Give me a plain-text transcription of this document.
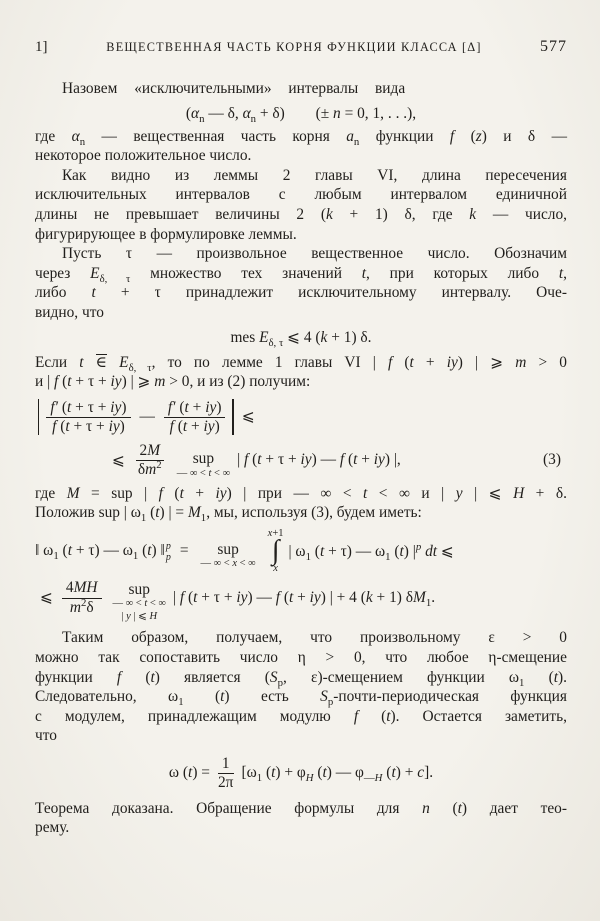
1]	ВЕЩЕСТВЕННАЯ ЧАСТЬ КОРНЯ ФУНКЦИИ КЛАССА [Δ]	577
Назовем «исключительными» интервалы вида
($\alpha_n$ — δ, $\alpha_n + \delta$)  (± n = 0, 1, . . .),
где $\alpha_n$ — вещественная часть корня $a_n$ функции f (z) и δ —
некоторое положительное число.
Как видно из леммы 2 главы VI, длина пересечения
исключительных интервалов с любым интервалом единичной
длины не превышает величины 2 (k + 1) δ, где k — число,
фигурирующее в формулировке леммы.
Пусть τ — произвольное вещественное число. Обозначим
через $E_{\delta, \tau}$ множество тех значений t, при которых либо t,
либо t + τ принадлежит исключительному интервалу. Оче-
видно, что
mes $E_{\delta, \tau}$ ⩽ 4 (k + 1) δ.
Если t ∈ $E_{\delta, \tau}$, то по лемме 1 главы VI | f (t + iy) | ⩾ m > 0
и | f (t + τ + iy) | ⩾ m > 0, и из (2) получим:
$\frac{f' (t + \tau + iy)}{f (t + \tau + iy)}$ — $\frac{f' (t + iy)}{f (t + iy)}$ ⩽
⩽ $\frac{2M}{\delta m^2}$ sup
— ∞ < t < ∞
| f (t + τ + iy) — f (t + iy) |,	(3)
где M = sup | f (t + iy) | при — ∞ < t < ∞ и | y | ⩽ H + δ.
Положив sup | $\omega_1$ (t) | = $M_1$, мы, используя (3), будем иметь:
‖ $\omega_1$ (t + τ) — $\omega_1$ (t) ‖ p
p = sup
— ∞ < x < ∞
x+1
∫
x
| $\omega_1$ (t + τ) — $\omega_1$ (t) $|^p$ dt ⩽
⩽ $\frac{4MH}{m^2\delta}$ sup
— ∞ < t < ∞
| y | ⩽ H
| f (t + τ + iy) — f (t + iy) | + 4 (k + 1) $\delta M_1$.
Таким образом, получаем, что произвольному ε > 0
можно так сопоставить число η > 0, что любое η-смещение
функции f (t) является ($S_p$, ε)-смещением функции $\omega_1$ (t).
Следовательно, $\omega_1$ (t) есть $S_p-почти$-периодическая функция
с модулем, принадлежащим модулю f (t). Остается заметить,
что
ω $(t) = \frac{1}{2\pi} [\omega_1$ $(t) + \varphi_H$ (t) — $\varphi_{—H}$ (t) + c].
Теорема доказана. Обращение формулы для n (t) дает тео-
рему.
